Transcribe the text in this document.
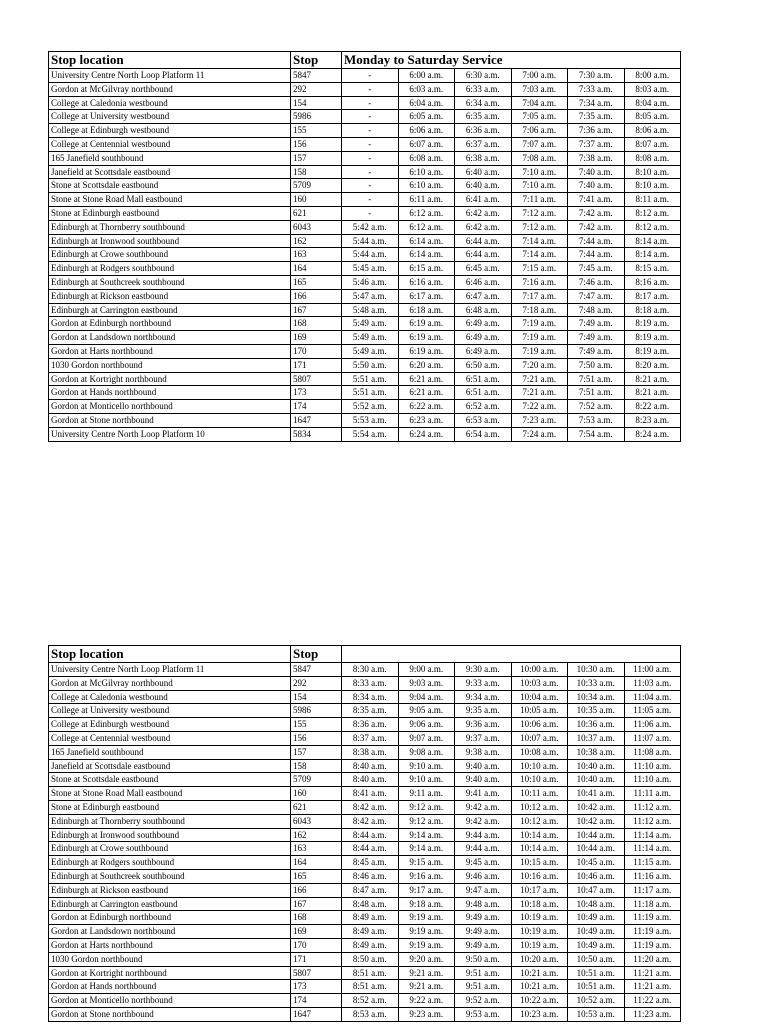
Stop location	Stop	Monday to Saturday Service					
University Centre North Loop Platform 11	5847	-	6:00 a.m.	6:30 a.m.	7:00 a.m.	7:30 a.m.	8:00 a.m.
Gordon at McGilvray northbound	292	-	6:03 a.m.	6:33 a.m.	7:03 a.m.	7:33 a.m.	8:03 a.m.
College at Caledonia westbound	154	-	6:04 a.m.	6:34 a.m.	7:04 a.m.	7:34 a.m.	8:04 a.m.
College at University westbound	5986	-	6:05 a.m.	6:35 a.m.	7:05 a.m.	7:35 a.m.	8:05 a.m.
College at Edinburgh westbound	155	-	6:06 a.m.	6:36 a.m.	7:06 a.m.	7:36 a.m.	8:06 a.m.
College at Centennial westbound	156	-	6:07 a.m.	6:37 a.m.	7:07 a.m.	7:37 a.m.	8:07 a.m.
165 Janefield southbound	157	-	6:08 a.m.	6:38 a.m.	7:08 a.m.	7:38 a.m.	8:08 a.m.
Janefield at Scottsdale eastbound	158	-	6:10 a.m.	6:40 a.m.	7:10 a.m.	7:40 a.m.	8:10 a.m.
Stone at Scottsdale eastbound	5709	-	6:10 a.m.	6:40 a.m.	7:10 a.m.	7:40 a.m.	8:10 a.m.
Stone at Stone Road Mall eastbound	160	-	6:11 a.m.	6:41 a.m.	7:11 a.m.	7:41 a.m.	8:11 a.m.
Stone at Edinburgh eastbound	621	-	6:12 a.m.	6:42 a.m.	7:12 a.m.	7:42 a.m.	8:12 a.m.
Edinburgh at Thornberry southbound	6043	5:42 a.m.	6:12 a.m.	6:42 a.m.	7:12 a.m.	7:42 a.m.	8:12 a.m.
Edinburgh at Ironwood southbound	162	5:44 a.m.	6:14 a.m.	6:44 a.m.	7:14 a.m.	7:44 a.m.	8:14 a.m.
Edinburgh at Crowe southbound	163	5:44 a.m.	6:14 a.m.	6:44 a.m.	7:14 a.m.	7:44 a.m.	8:14 a.m.
Edinburgh at Rodgers southbound	164	5:45 a.m.	6:15 a.m.	6:45 a.m.	7:15 a.m.	7:45 a.m.	8:15 a.m.
Edinburgh at Southcreek southbound	165	5:46 a.m.	6:16 a.m.	6:46 a.m.	7:16 a.m.	7:46 a.m.	8:16 a.m.
Edinburgh at Rickson eastbound	166	5:47 a.m.	6:17 a.m.	6:47 a.m.	7:17 a.m.	7:47 a.m.	8:17 a.m.
Edinburgh at Carrington eastbound	167	5:48 a.m.	6:18 a.m.	6:48 a.m.	7:18 a.m.	7:48 a.m.	8:18 a.m.
Gordon at Edinburgh northbound	168	5:49 a.m.	6:19 a.m.	6:49 a.m.	7:19 a.m.	7:49 a.m.	8:19 a.m.
Gordon at Landsdown northbound	169	5:49 a.m.	6:19 a.m.	6:49 a.m.	7:19 a.m.	7:49 a.m.	8:19 a.m.
Gordon at Harts northbound	170	5:49 a.m.	6:19 a.m.	6:49 a.m.	7:19 a.m.	7:49 a.m.	8:19 a.m.
1030 Gordon northbound	171	5:50 a.m.	6:20 a.m.	6:50 a.m.	7:20 a.m.	7:50 a.m.	8:20 a.m.
Gordon at Kortright northbound	5807	5:51 a.m.	6:21 a.m.	6:51 a.m.	7:21 a.m.	7:51 a.m.	8:21 a.m.
Gordon at Hands northbound	173	5:51 a.m.	6:21 a.m.	6:51 a.m.	7:21 a.m.	7:51 a.m.	8:21 a.m.
Gordon at Monticello northbound	174	5:52 a.m.	6:22 a.m.	6:52 a.m.	7:22 a.m.	7:52 a.m.	8:22 a.m.
Gordon at Stone northbound	1647	5:53 a.m.	6:23 a.m.	6:53 a.m.	7:23 a.m.	7:53 a.m.	8:23 a.m.
University Centre North Loop Platform 10	5834	5:54 a.m.	6:24 a.m.	6:54 a.m.	7:24 a.m.	7:54 a.m.	8:24 a.m.
Stop location	Stop						
University Centre North Loop Platform 11	5847	8:30 a.m.	9:00 a.m.	9:30 a.m.	10:00 a.m.	10:30 a.m.	11:00 a.m.
Gordon at McGilvray northbound	292	8:33 a.m.	9:03 a.m.	9:33 a.m.	10:03 a.m.	10:33 a.m.	11:03 a.m.
College at Caledonia westbound	154	8:34 a.m.	9:04 a.m.	9:34 a.m.	10:04 a.m.	10:34 a.m.	11:04 a.m.
College at University westbound	5986	8:35 a.m.	9:05 a.m.	9:35 a.m.	10:05 a.m.	10:35 a.m.	11:05 a.m.
College at Edinburgh westbound	155	8:36 a.m.	9:06 a.m.	9:36 a.m.	10:06 a.m.	10:36 a.m.	11:06 a.m.
College at Centennial westbound	156	8:37 a.m.	9:07 a.m.	9:37 a.m.	10:07 a.m.	10:37 a.m.	11:07 a.m.
165 Janefield southbound	157	8:38 a.m.	9:08 a.m.	9:38 a.m.	10:08 a.m.	10:38 a.m.	11:08 a.m.
Janefield at Scottsdale eastbound	158	8:40 a.m.	9:10 a.m.	9:40 a.m.	10:10 a.m.	10:40 a.m.	11:10 a.m.
Stone at Scottsdale eastbound	5709	8:40 a.m.	9:10 a.m.	9:40 a.m.	10:10 a.m.	10:40 a.m.	11:10 a.m.
Stone at Stone Road Mall eastbound	160	8:41 a.m.	9:11 a.m.	9:41 a.m.	10:11 a.m.	10:41 a.m.	11:11 a.m.
Stone at Edinburgh eastbound	621	8:42 a.m.	9:12 a.m.	9:42 a.m.	10:12 a.m.	10:42 a.m.	11:12 a.m.
Edinburgh at Thornberry southbound	6043	8:42 a.m.	9:12 a.m.	9:42 a.m.	10:12 a.m.	10:42 a.m.	11:12 a.m.
Edinburgh at Ironwood southbound	162	8:44 a.m.	9:14 a.m.	9:44 a.m.	10:14 a.m.	10:44 a.m.	11:14 a.m.
Edinburgh at Crowe southbound	163	8:44 a.m.	9:14 a.m.	9:44 a.m.	10:14 a.m.	10:44 a.m.	11:14 a.m.
Edinburgh at Rodgers southbound	164	8:45 a.m.	9:15 a.m.	9:45 a.m.	10:15 a.m.	10:45 a.m.	11:15 a.m.
Edinburgh at Southcreek southbound	165	8:46 a.m.	9:16 a.m.	9:46 a.m.	10:16 a.m.	10:46 a.m.	11:16 a.m.
Edinburgh at Rickson eastbound	166	8:47 a.m.	9:17 a.m.	9:47 a.m.	10:17 a.m.	10:47 a.m.	11:17 a.m.
Edinburgh at Carrington eastbound	167	8:48 a.m.	9:18 a.m.	9:48 a.m.	10:18 a.m.	10:48 a.m.	11:18 a.m.
Gordon at Edinburgh northbound	168	8:49 a.m.	9:19 a.m.	9:49 a.m.	10:19 a.m.	10:49 a.m.	11:19 a.m.
Gordon at Landsdown northbound	169	8:49 a.m.	9:19 a.m.	9:49 a.m.	10:19 a.m.	10:49 a.m.	11:19 a.m.
Gordon at Harts northbound	170	8:49 a.m.	9:19 a.m.	9:49 a.m.	10:19 a.m.	10:49 a.m.	11:19 a.m.
1030 Gordon northbound	171	8:50 a.m.	9:20 a.m.	9:50 a.m.	10:20 a.m.	10:50 a.m.	11:20 a.m.
Gordon at Kortright northbound	5807	8:51 a.m.	9:21 a.m.	9:51 a.m.	10:21 a.m.	10:51 a.m.	11:21 a.m.
Gordon at Hands northbound	173	8:51 a.m.	9:21 a.m.	9:51 a.m.	10:21 a.m.	10:51 a.m.	11:21 a.m.
Gordon at Monticello northbound	174	8:52 a.m.	9:22 a.m.	9:52 a.m.	10:22 a.m.	10:52 a.m.	11:22 a.m.
Gordon at Stone northbound	1647	8:53 a.m.	9:23 a.m.	9:53 a.m.	10:23 a.m.	10:53 a.m.	11:23 a.m.
